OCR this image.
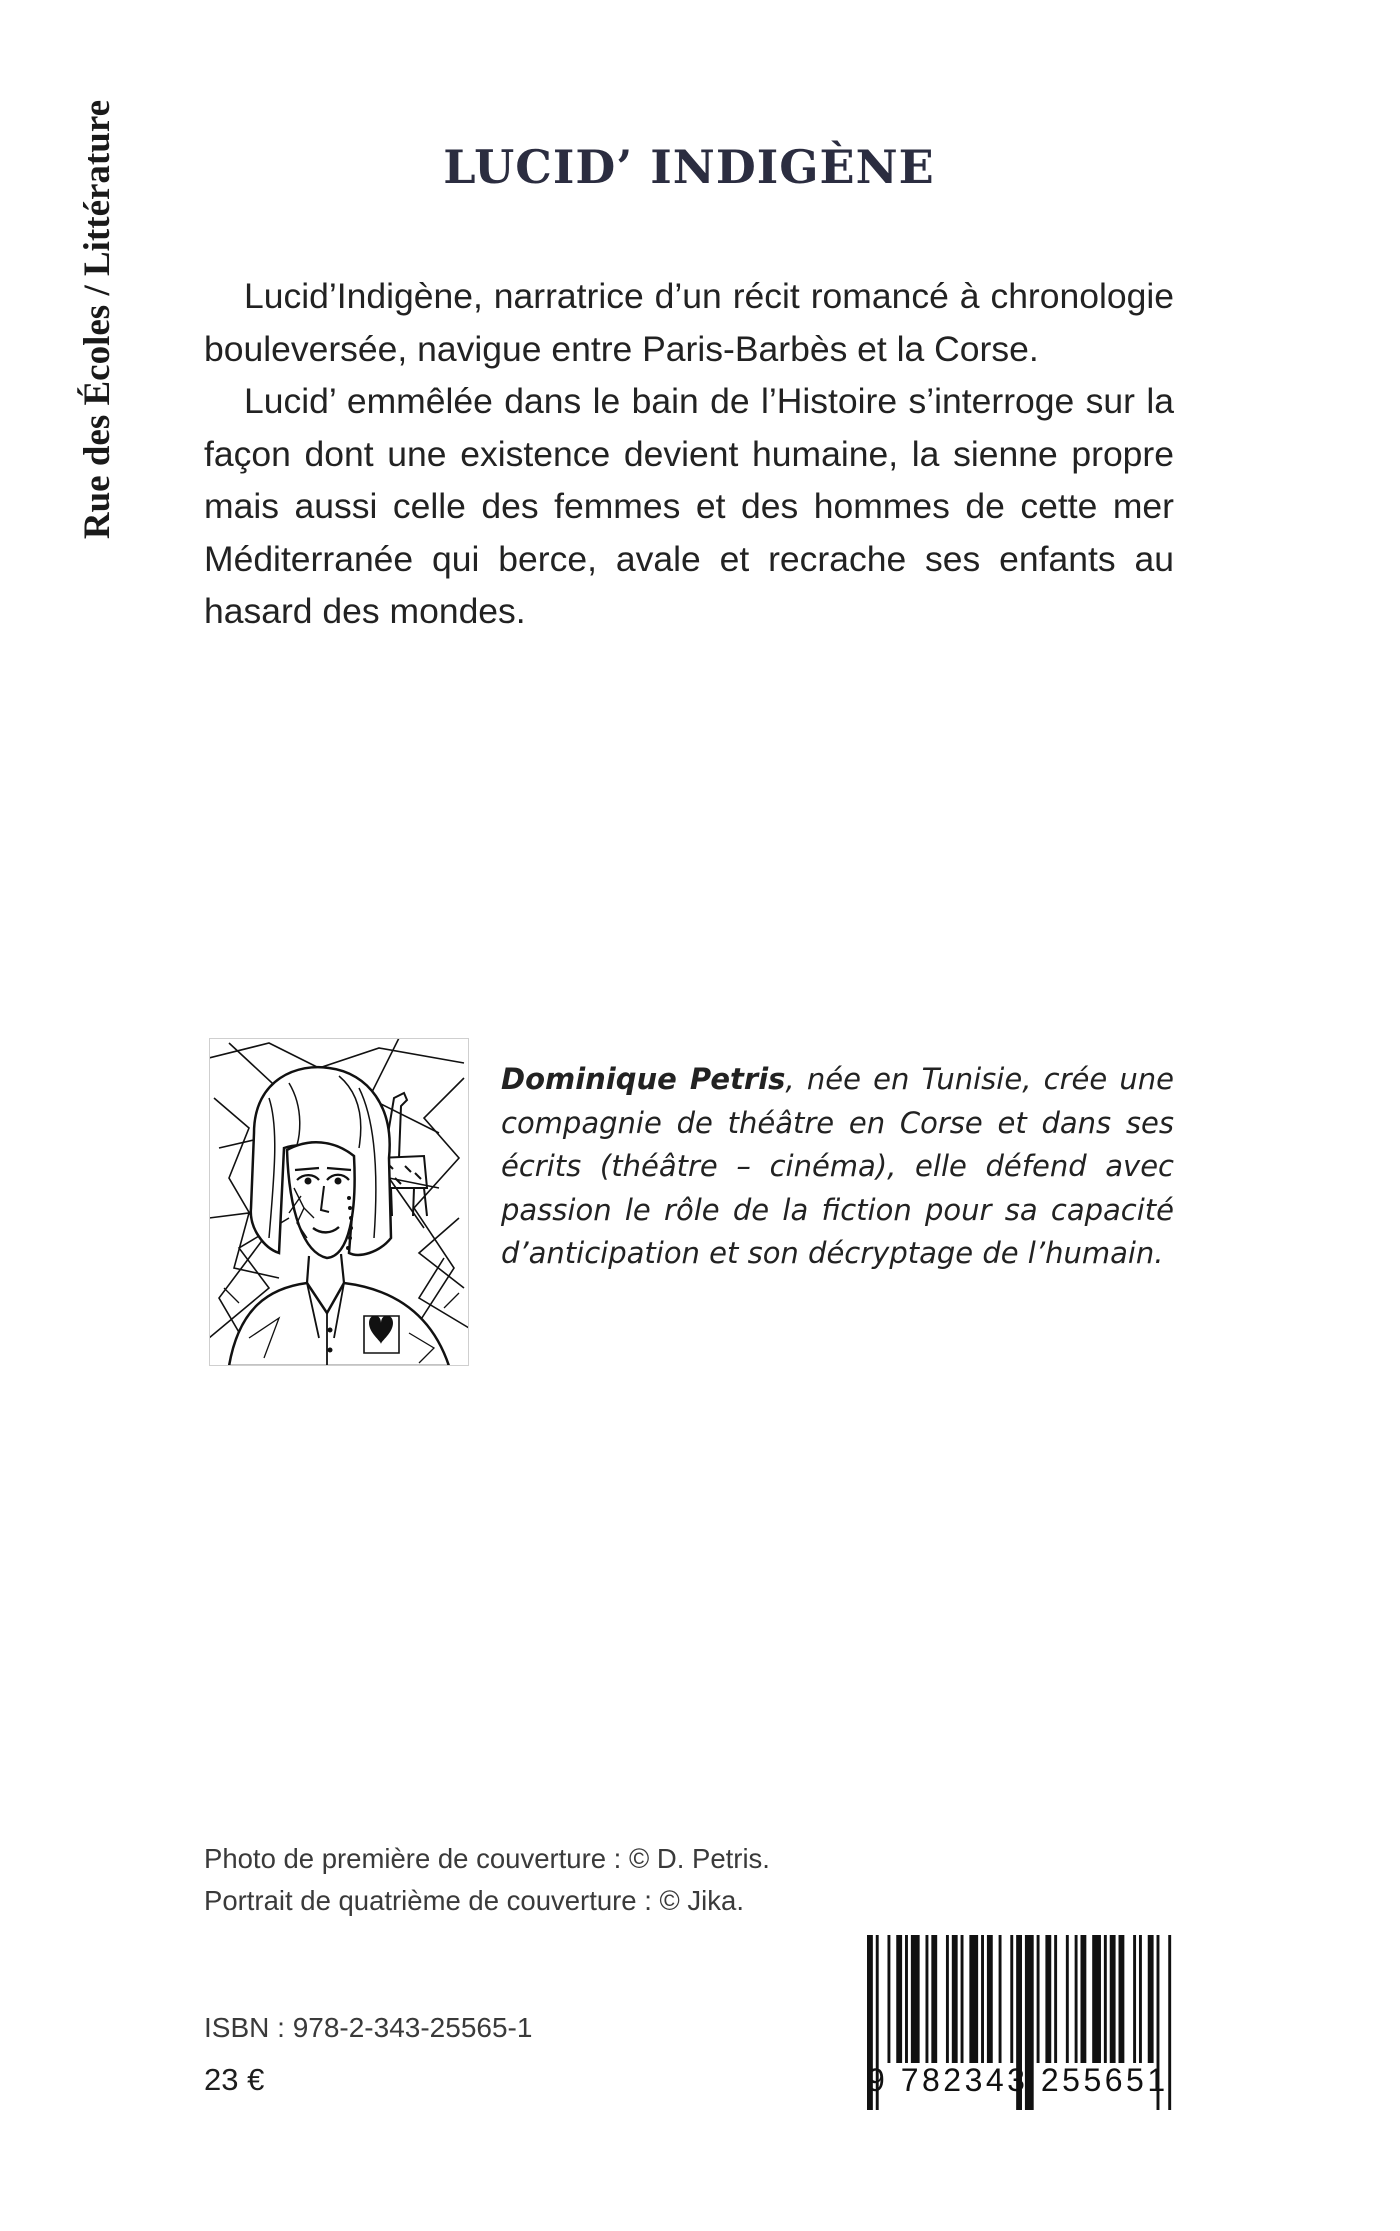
Rue des Écoles / Littérature	LUCID’ INDIGÈNE

Lucid’Indigène, narratrice d’un récit romancé à chronologie bouleversée, navigue entre Paris-Barbès et la Corse.

Lucid’ emmêlée dans le bain de l’Histoire s’interroge sur la façon dont une existence devient humaine, la sienne propre mais aussi celle des femmes et des hommes de cette mer Méditerranée qui berce, avale et recrache ses enfants au hasard des mondes.

Dominique Petris, née en Tunisie, crée une compagnie de théâtre en Corse et dans ses écrits (théâtre – cinéma), elle défend avec passion le rôle de la fiction pour sa capacité d’anticipation et son décryptage de l’humain.

Photo de première de couverture : © D. Petris.
Portrait de quatrième de couverture : © Jika.
ISBN : 978-2-343-25565-1
23 €	9 782343 255651
